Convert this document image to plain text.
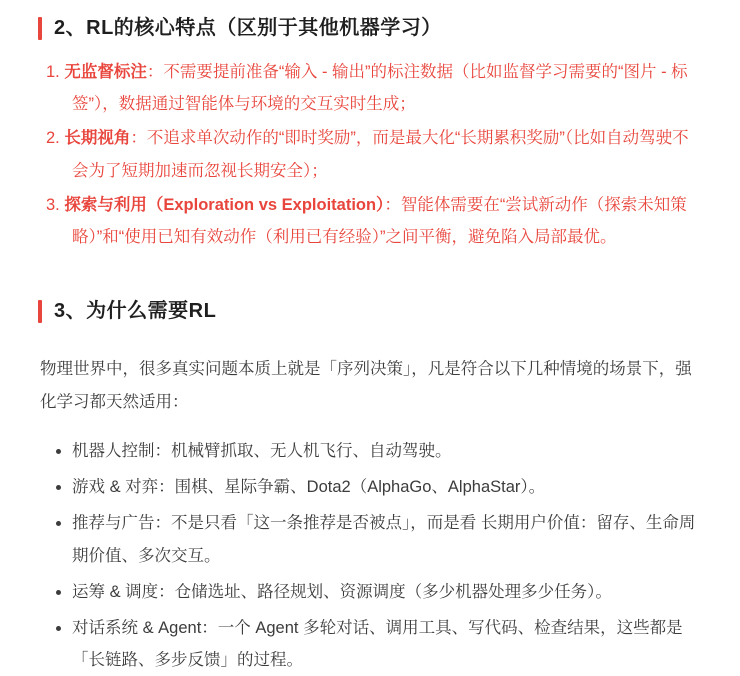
2、RL的核心特点（区别于其他机器学习）
1. 无监督标注：不需要提前准备“输入 - 输出”的标注数据（比如监督学习需要的“图片 - 标签”），数据通过智能体与环境的交互实时生成；
2. 长期视角：不追求单次动作的“即时奖励”，而是最大化“长期累积奖励”（比如自动驾驶不会为了短期加速而忽视长期安全）；
3. 探索与利用（Exploration vs Exploitation）：智能体需要在“尝试新动作（探索未知策略）”和“使用已知有效动作（利用已有经验）”之间平衡，避免陷入局部最优。
3、为什么需要RL

物理世界中，很多真实问题本质上就是「序列决策」，凡是符合以下几种情境的场景下，强化学习都天然适用：

机器人控制：机械臂抓取、无人机飞行、自动驾驶。
游戏 & 对弈：围棋、星际争霸、Dota2（AlphaGo、AlphaStar）。
推荐与广告：不是只看「这一条推荐是否被点」，而是看 长期用户价值：留存、生命周期价值、多次交互。
运筹 & 调度：仓储选址、路径规划、资源调度（多少机器处理多少任务）。
对话系统 & Agent：一个 Agent 多轮对话、调用工具、写代码、检查结果，这些都是 「长链路、多步反馈」的过程。
